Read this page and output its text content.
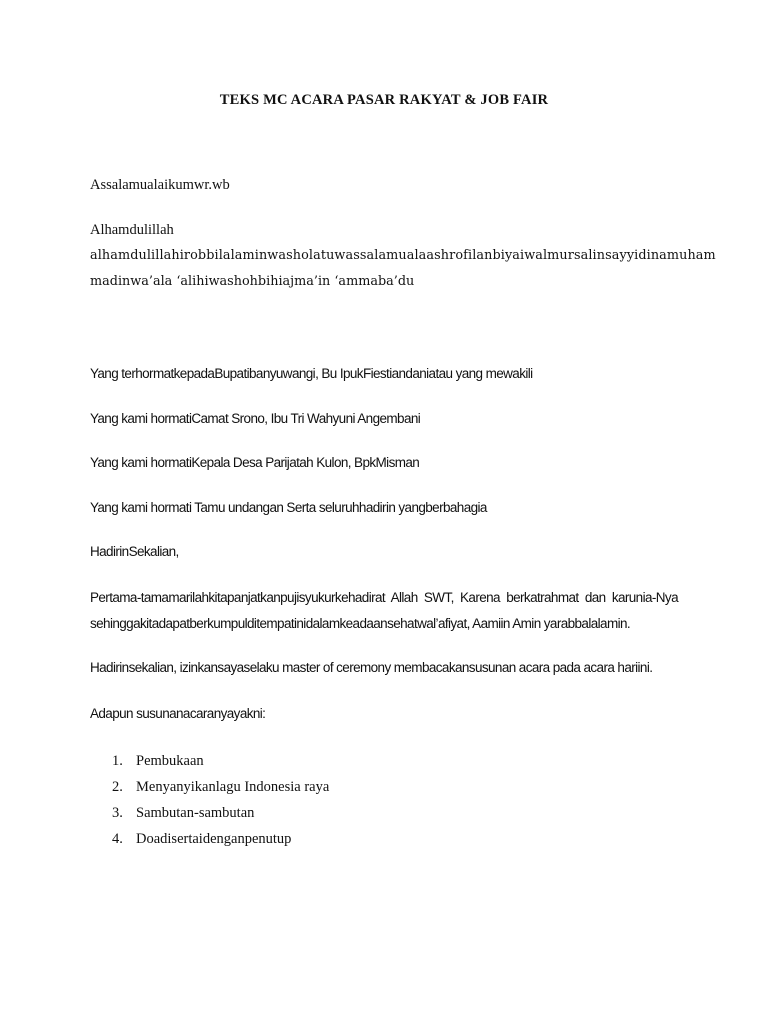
TEKS MC ACARA PASAR RAKYAT & JOB FAIR
Assalamualaikumwr.wb
Alhamdulillah
alhamdulillahirobbilalaminwasholatuwassalamualaashrofilanbiyaiwalmursalinsayyidinamuham
madinwa’ala ‘alihiwashohbihiajma’in ‘ammaba’du
Yang terhormatkepadaBupatibanyuwangi, Bu IpukFiestiandaniatau yang mewakili
Yang kami hormatiCamat Srono, Ibu Tri Wahyuni Angembani
Yang kami hormatiKepala Desa Parijatah Kulon, BpkMisman
Yang kami hormati Tamu undangan Serta seluruhhadirin yangberbahagia
HadirinSekalian,
Pertama-tamamarilahkitapanjatkanpujisyukurkehadirat Allah SWT, Karena berkatrahmat dan karunia-Nya
sehinggakitadapatberkumpulditempatinidalamkeadaansehatwal’afiyat, Aamiin Amin yarabbalalamin.
Hadirinsekalian, izinkansayaselaku master of ceremony membacakansusunan acara pada acara hariini.
Adapun susunanacaranyayakni:
1. Pembukaan
2. Menyanyikanlagu Indonesia raya
3. Sambutan-sambutan
4. Doadisertaidenganpenutup
